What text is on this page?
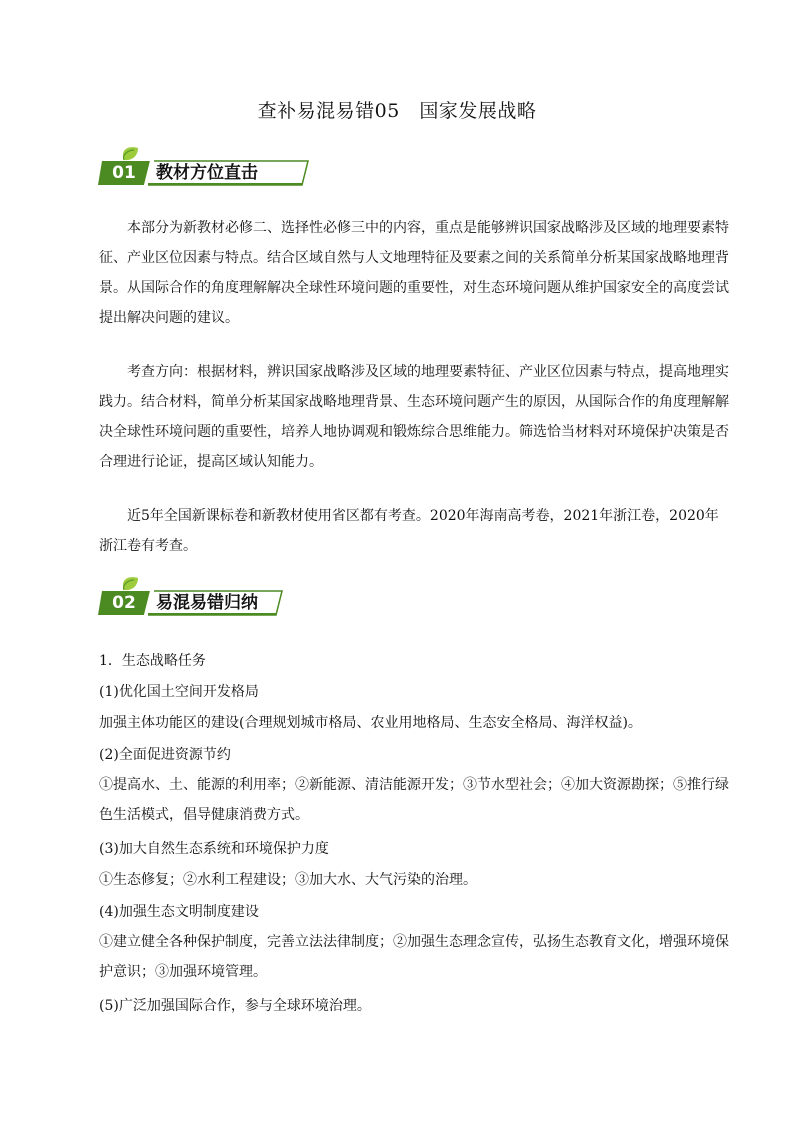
查补易混易错05　国家发展战略
01	教材方位直击
本部分为新教材必修二、选择性必修三中的内容，重点是能够辨识国家战略涉及区域的地理要素特征、产业区位因素与特点。结合区域自然与人文地理特征及要素之间的关系简单分析某国家战略地理背景。从国际合作的角度理解解决全球性环境问题的重要性，对生态环境问题从维护国家安全的高度尝试提出解决问题的建议。
考查方向：根据材料，辨识国家战略涉及区域的地理要素特征、产业区位因素与特点，提高地理实践力。结合材料，简单分析某国家战略地理背景、生态环境问题产生的原因，从国际合作的角度理解解决全球性环境问题的重要性，培养人地协调观和锻炼综合思维能力。筛选恰当材料对环境保护决策是否合理进行论证，提高区域认知能力。
近5年全国新课标卷和新教材使用省区都有考查。2020年海南高考卷，2021年浙江卷，2020年浙江卷有考查。
02	易混易错归纳
1．生态战略任务
(1)优化国土空间开发格局
加强主体功能区的建设(合理规划城市格局、农业用地格局、生态安全格局、海洋权益)。
(2)全面促进资源节约
①提高水、土、能源的利用率；②新能源、清洁能源开发；③节水型社会；④加大资源勘探；⑤推行绿色生活模式，倡导健康消费方式。
(3)加大自然生态系统和环境保护力度
①生态修复；②水利工程建设；③加大水、大气污染的治理。
(4)加强生态文明制度建设
①建立健全各种保护制度，完善立法法律制度；②加强生态理念宣传，弘扬生态教育文化，增强环境保护意识；③加强环境管理。
(5)广泛加强国际合作，参与全球环境治理。
